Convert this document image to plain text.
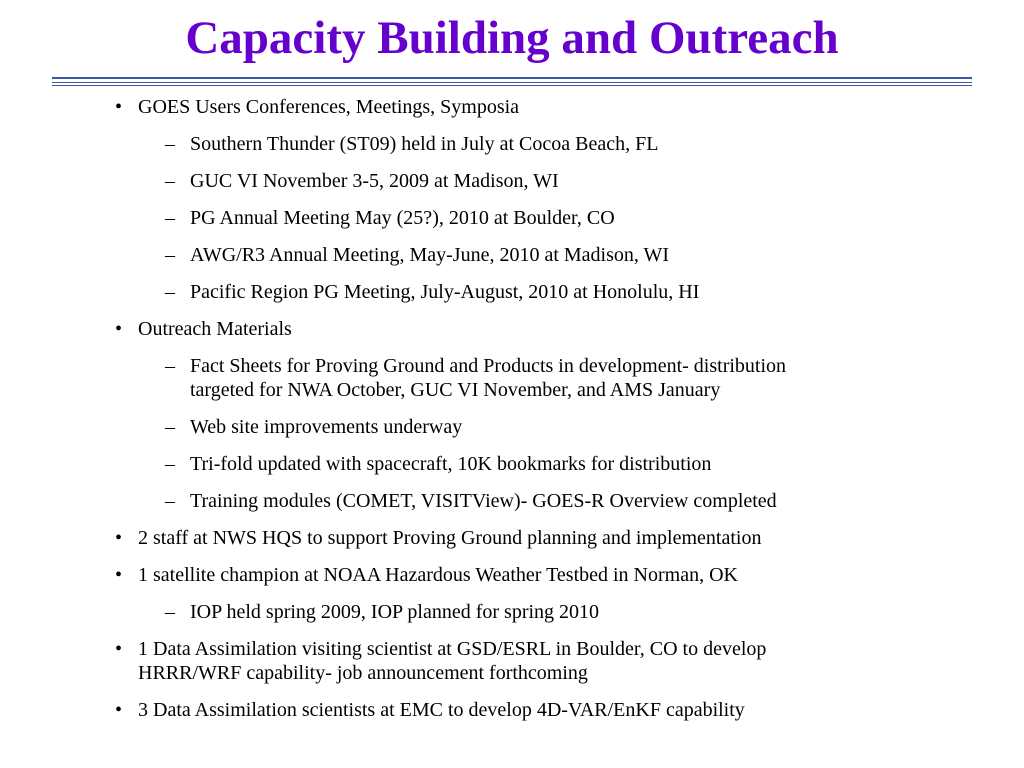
Capacity Building and Outreach
• GOES Users Conferences, Meetings, Symposia
– Southern Thunder (ST09) held in July at Cocoa Beach, FL
– GUC VI November 3-5, 2009 at Madison, WI
– PG Annual Meeting May (25?), 2010 at Boulder, CO
– AWG/R3 Annual Meeting, May-June, 2010 at Madison, WI
– Pacific Region PG Meeting, July-August, 2010 at Honolulu, HI
• Outreach Materials
– Fact Sheets for Proving Ground and Products in development- distribution
targeted for NWA October, GUC VI November, and AMS January
– Web site improvements underway
– Tri-fold updated with spacecraft, 10K bookmarks for distribution
– Training modules (COMET, VISITView)- GOES-R Overview completed
• 2 staff at NWS HQS to support Proving Ground planning and implementation
• 1 satellite champion at NOAA Hazardous Weather Testbed in Norman, OK
– IOP held spring 2009, IOP planned for spring 2010
• 1 Data Assimilation visiting scientist at GSD/ESRL in Boulder, CO to develop
HRRR/WRF capability- job announcement forthcoming
• 3 Data Assimilation scientists at EMC to develop 4D-VAR/EnKF capability
